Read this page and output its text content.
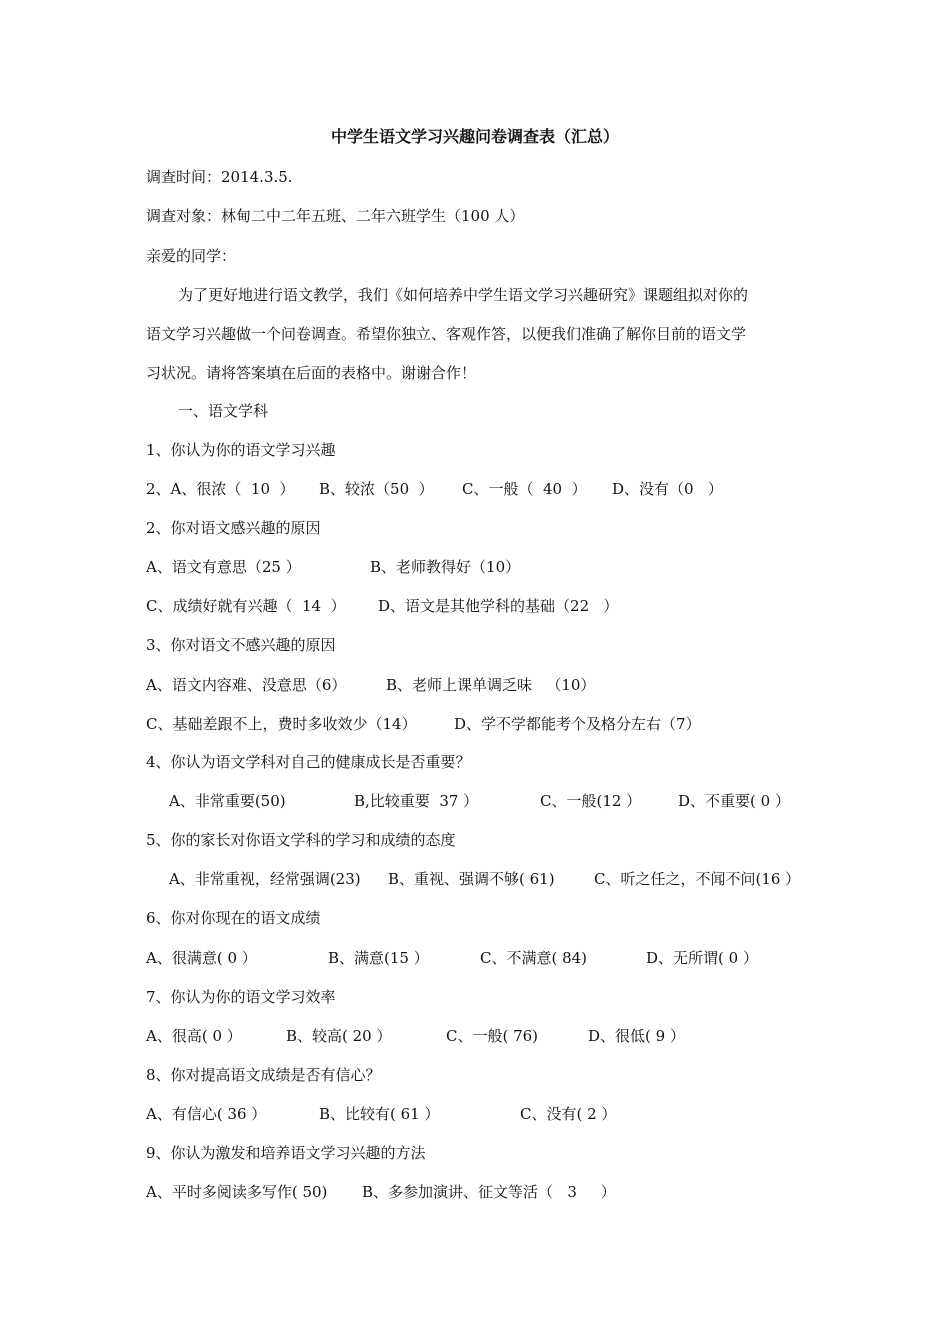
中学生语文学习兴趣问卷调查表（汇总）
调查时间：2014.3.5.
调查对象：林甸二中二年五班、二年六班学生（100 人）
亲爱的同学：
为了更好地进行语文教学，我们《如何培养中学生语文学习兴趣研究》课题组拟对你的
语文学习兴趣做一个问卷调查。希望你独立、客观作答，以便我们准确了解你目前的语文学
习状况。请将答案填在后面的表格中。谢谢合作！
一、语文学科
1、你认为你的语文学习兴趣
2、A、很浓（  10  ） B、较浓（50  ） C、一般（  40  ） D、没有（0   ）
2、你对语文感兴趣的原因
A、语文有意思（25 ）	B、老师教得好（10）
C、成绩好就有兴趣（  14  ） D、语文是其他学科的基础（22   ）
3、你对语文不感兴趣的原因
A、语文内容难、没意思（6）	B、老师上课单调乏味   （10）
C、基础差跟不上，费时多收效少（14） D、学不学都能考个及格分左右（7）
4、你认为语文学科对自己的健康成长是否重要？
A、非常重要(50)	B,比较重要  37 ）	C、一般(12 ） D、不重要( 0 ）
5、你的家长对你语文学科的学习和成绩的态度
A、非常重视，经常强调(23) B、重视、强调不够( 61)	C、听之任之，不闻不问(16 ）
6、你对你现在的语文成绩
A、很满意( 0 ）	B、满意(15 ）	C、不满意( 84)	D、无所谓( 0 ）
7、你认为你的语文学习效率
A、很高( 0 ）	B、较高( 20 ）	C、一般( 76)	D、很低( 9 ）
8、你对提高语文成绩是否有信心？
A、有信心( 36 ）	B、比较有( 61 ）	C、没有( 2 ）
9、你认为激发和培养语文学习兴趣的方法
A、平时多阅读多写作( 50) B、多参加演讲、征文等活（   3     ）
